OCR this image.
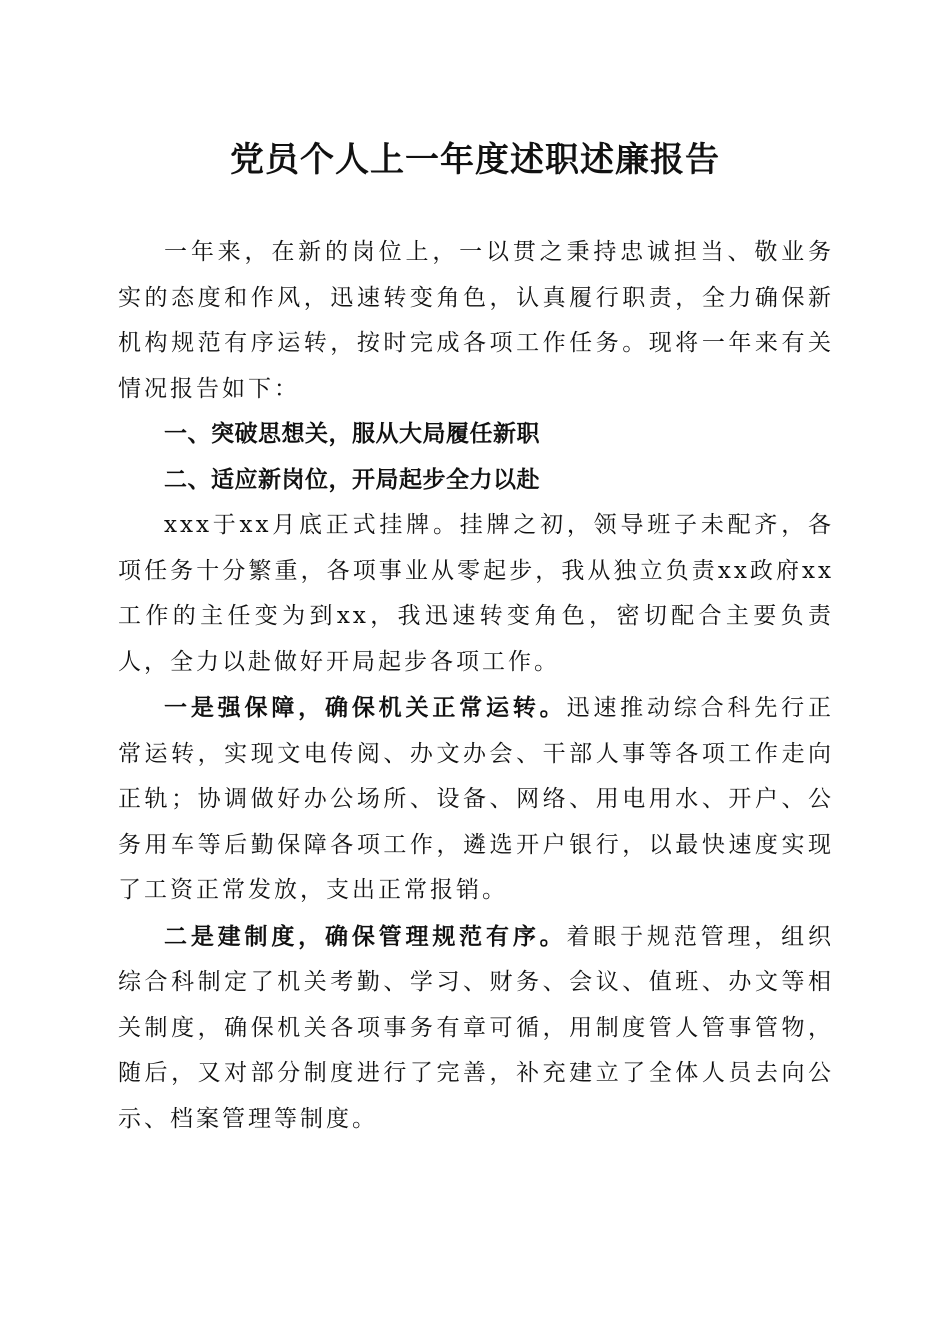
党员个人上一年度述职述廉报告

一年来，在新的岗位上，一以贯之秉持忠诚担当、敬业务实的态度和作风，迅速转变角色，认真履行职责，全力确保新机构规范有序运转，按时完成各项工作任务。现将一年来有关情况报告如下：

一、突破思想关，服从大局履任新职

二、适应新岗位，开局起步全力以赴

xxx于xx月底正式挂牌。挂牌之初，领导班子未配齐，各项任务十分繁重，各项事业从零起步，我从独立负责xx政府xx工作的主任变为到xx，我迅速转变角色，密切配合主要负责人，全力以赴做好开局起步各项工作。

一是强保障，确保机关正常运转。迅速推动综合科先行正常运转，实现文电传阅、办文办会、干部人事等各项工作走向正轨；协调做好办公场所、设备、网络、用电用水、开户、公务用车等后勤保障各项工作，遴选开户银行，以最快速度实现了工资正常发放，支出正常报销。

二是建制度，确保管理规范有序。着眼于规范管理，组织综合科制定了机关考勤、学习、财务、会议、值班、办文等相关制度，确保机关各项事务有章可循，用制度管人管事管物，随后，又对部分制度进行了完善，补充建立了全体人员去向公示、档案管理等制度。
